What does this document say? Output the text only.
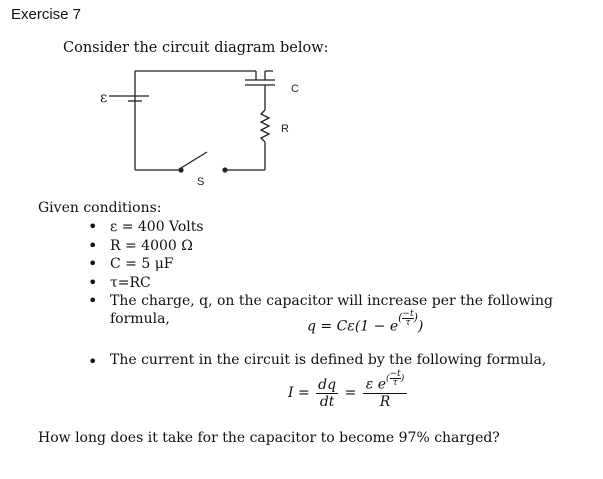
Exercise 7
Consider the circuit diagram below:
ε
C
R
S
Given conditions:
• ε = 400 Volts
• R = 4000 Ω
• C = 5 μF
• τ=RC
• The charge, q, on the capacitor will increase per the following formula,	$q = C\varepsilon(1 - e( \frac{-t}{\tau}$ ))
• The current in the circuit is defined by the following formula,
$I = \frac{dq}{dt} = \frac{\varepsilon e( \frac{-t}{\tau} )}{R}$
How long does it take for the capacitor to become 97% charged?
